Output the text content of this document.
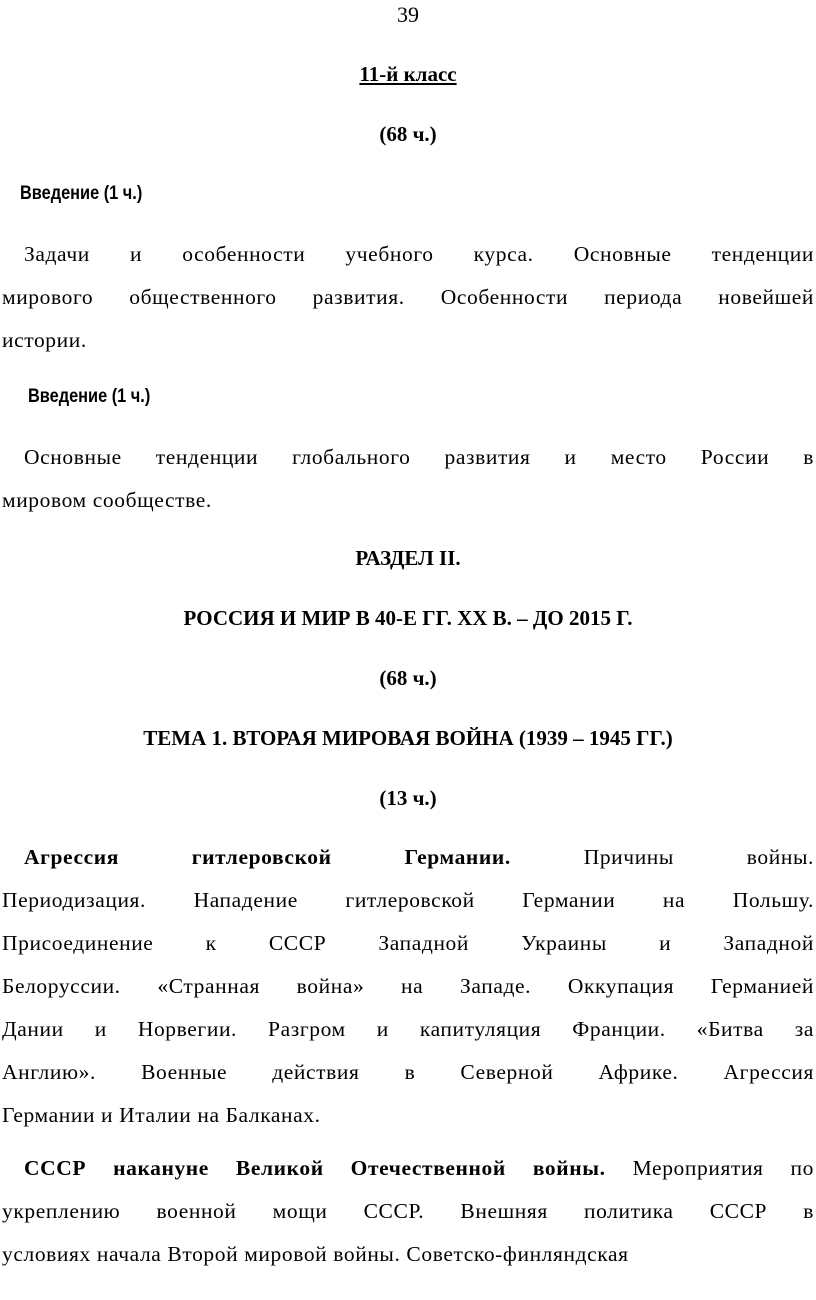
39
11-й класс
(68 ч.)
Введение (1 ч.)
Задачи и особенности учебного курса. Основные тенденции
мирового общественного развития. Особенности периода новейшей
истории.
Введение (1 ч.)
Основные тенденции глобального развития и место России в
мировом сообществе.
РАЗДЕЛ II.
РОССИЯ И МИР В 40-Е ГГ. XX В. – ДО 2015 Г.
(68 ч.)
ТЕМА 1. ВТОРАЯ МИРОВАЯ ВОЙНА (1939 – 1945 ГГ.)
(13 ч.)
Агрессия гитлеровской Германии.	Причины войны.
Периодизация. Нападение гитлеровской Германии на Польшу.
Присоединение к СССР Западной Украины и Западной
Белоруссии. «Странная война» на Западе. Оккупация Германией
Дании и Норвегии. Разгром и капитуляция Франции. «Битва за
Англию». Военные действия в Северной Африке. Агрессия
Германии и Италии на Балканах.
СССР накануне Великой Отечественной войны. Мероприятия по
укреплению военной мощи СССР. Внешняя политика СССР в
условиях начала Второй мировой войны. Советско-финляндская
